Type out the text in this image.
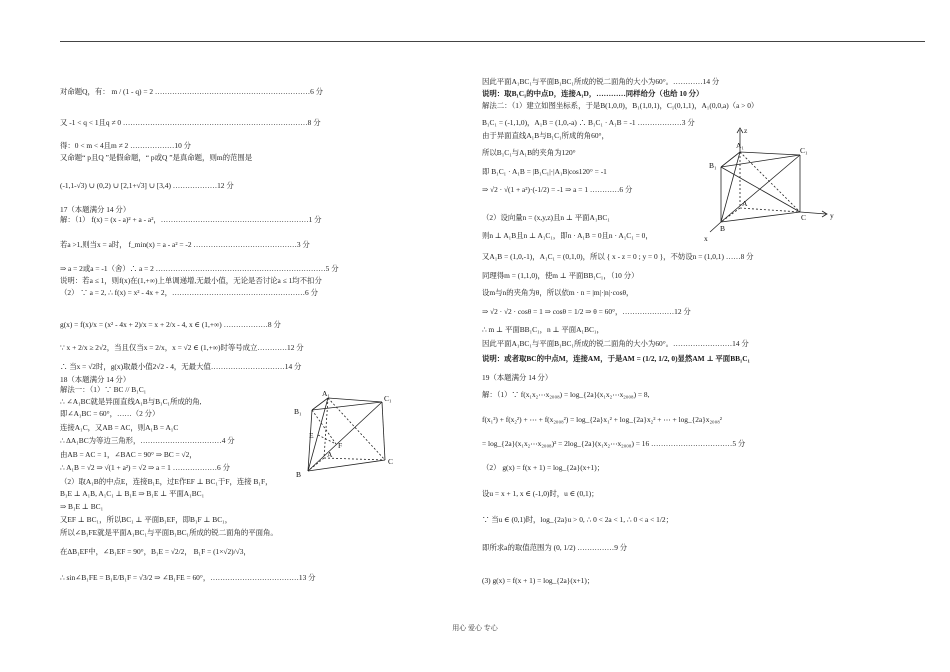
对命题Q，有： m / (1 - q) = 2 ………………………………………………………6 分
又 -1 < q < 1且q ≠ 0 …………………………………………………………………8 分
得：0 < m < 4且m ≠ 2 ………………10 分
又命题“ p且Q ”是假命题，“ p或Q ”是真命题，则m的范围是
(-1,1-√3) ∪ (0,2) ∪ [2,1+√3] ∪ [3,4) ………………12 分
17（本题满分 14 分）
解：（1） f(x) = (x - a)² + a - a²，……………………………………………………1 分
若a >1,则当x = a时， f_min(x) = a - a² = -2 ……………………………………3 分
⇒ a = 2或a = -1（舍）∴ a = 2 ……………………………………………………………5 分
说明：若a ≤ 1，则f(x)在(1,+∞)上单调递增,无最小值，无论是否讨论a ≤ 1均不扣分
（2） ∵ a = 2, ∴ f(x) = x² - 4x + 2，………………………………………………6 分
g(x) = f(x)/x = (x² - 4x + 2)/x = x + 2/x - 4, x ∈ (1,+∞) ………………8 分
∵ x + 2/x ≥ 2√2，当且仅当x = 2/x，x = √2 ∈ (1,+∞)时等号成立…………12 分
∴ 当x = √2时，g(x)取最小值2√2 - 4，无最大值…………………………14 分
18（本题满分 14 分）
解法一：（1）∵ BC // B₁C₁
∴ ∠A₁BC就是异面直线A₁B与B₁C₁所成的角,
即∠A₁BC = 60°，……（2 分）
连接A₁C，又AB = AC，则A₁B = A₁C
∴ ΔA₁BC为等边三角形，……………………………4 分
由AB = AC = 1，∠BAC = 90° ⇒ BC = √2，
∴ A₁B = √2 ⇒ √(1 + a²) = √2 ⇒ a = 1 ………………6 分
（2）取A₁B的中点E，连接B₁E，过E作EF ⊥ BC₁于F，连接 B₁F，
B₁E ⊥ A₁B, A₁C₁ ⊥ B₁E ⇒ B₁E ⊥ 平面A₁BC₁
⇒ B₁E ⊥ BC₁
又EF ⊥ BC₁，所以BC₁ ⊥ 平面B₁EF，即B₁F ⊥ BC₁，
所以∠B₁FE就是平面A₁BC₁与平面B₁BC₁所成的锐二面角的平面角。
在ΔB₁EF中，∠B₁EF = 90°，B₁E = √2/2， B₁F = (1×√2)/√3，
∴ sin∠B₁FE = B₁E/B₁F = √3/2 ⇒ ∠B₁FE = 60°，………………………………13 分
因此平面A₁BC₁与平面B₁BC₁所成的锐二面角的大小为60°。…………14 分
说明：取B₁C₁的中点D，连接A₁D，…………同样给分（也给 10 分）
解法二：（1）建立如图坐标系，于是B(1,0,0)，B₁(1,0,1)，C₁(0,1,1)，A₁(0,0,a)（a > 0）
B₁C₁ = (-1,1,0)，A₁B = (1,0,-a) ∴ B₁C₁ · A₁B = -1 ………………3 分
由于异面直线A₁B与B₁C₁所成的角60°，
所以B₁C₁与A₁B的夹角为120°
即 B₁C₁ · A₁B = |B₁C₁|·|A₁B|cos120° = -1
⇒ √2 · √(1 + a²)·(-1/2) = -1 ⇒ a = 1 …………6 分
（2）设向量n = (x,y,z)且n ⊥ 平面A₁BC₁
则n ⊥ A₁B且n ⊥ A₁C₁，即n · A₁B = 0且n · A₁C₁ = 0，
又A₁B = (1,0,-1)，A₁C₁ = (0,1,0)，所以 { x - z = 0 ; y = 0 }，不妨设n = (1,0,1) ……8 分
同理得m = (1,1,0)，使m ⊥ 平面BB₁C₁，（10 分）
设m与n的夹角为θ，所以依m · n = |m|·|n|·cosθ，
⇒ √2 · √2 · cosθ = 1 ⇒ cosθ = 1/2 ⇒ θ = 60°，…………………12 分
∴ m ⊥ 平面BB₁C₁，n ⊥ 平面A₁BC₁，
因此平面A₁BC₁与平面B₁BC₁所成的锐二面角的大小为60°。……………………14 分
说明：或者取BC的中点M，连接AM，于是AM = (1/2, 1/2, 0)显然AM ⊥ 平面BB₁C₁
19（本题满分 14 分）
解：（1）∵ f(x₁x₂⋯x₂₀₀₈) = log_{2a}(x₁x₂⋯x₂₀₀₈) = 8,
f(x₁²) + f(x₂²) + ⋯ + f(x₂₀₀₈²) = log_{2a}x₁² + log_{2a}x₂² + ⋯ + log_{2a}x₂₀₀₈²
= log_{2a}(x₁x₂⋯x₂₀₀₈)² = 2log_{2a}(x₁x₂⋯x₂₀₀₈) = 16 ……………………………5 分
（2） g(x) = f(x + 1) = log_{2a}(x+1)；
设u = x + 1, x ∈ (-1,0)时，u ∈ (0,1)；
∵ 当u ∈ (0,1)时，log_{2a}u > 0, ∴ 0 < 2a < 1, ∴ 0 < a < 1/2；
即所求a的取值范围为 (0, 1/2) ……………9 分
(3) g(x) = f(x + 1) = log_{2a}(x+1)；
A₁
C₁
B₁
E
F
A
B
C
z
A₁
C₁
B₁
A
C	y
B
x
用心 爱心 专心
